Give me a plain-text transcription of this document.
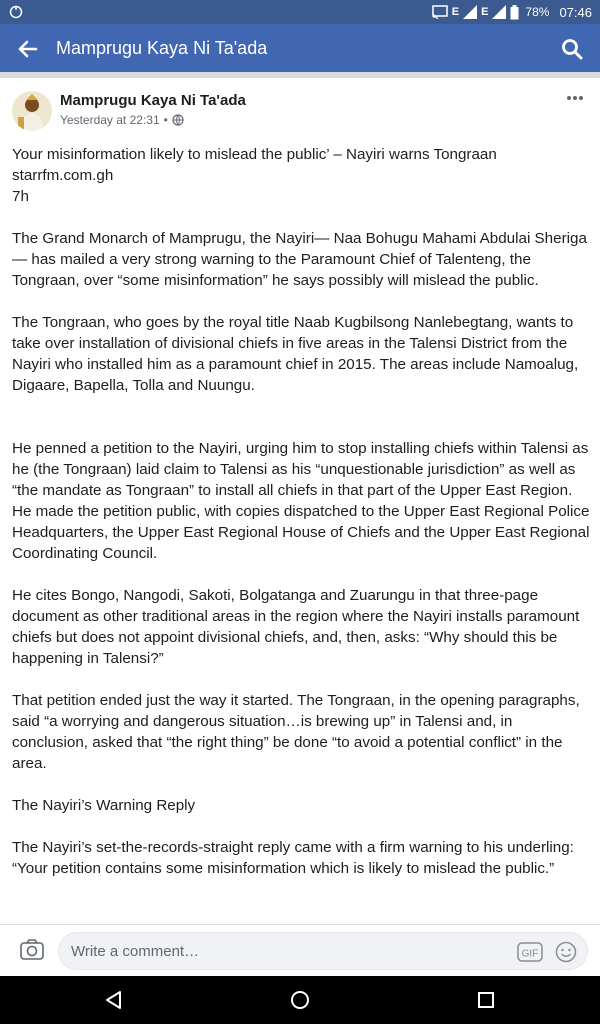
E E	78% 07:46
Mamprugu Kaya Ni Ta'ada
Mamprugu Kaya Ni Ta'ada
Yesterday at 22:31 •

Your misinformation likely to mislead the public’ – Nayiri warns Tongraan

starrfm.com.gh

7h

The Grand Monarch of Mamprugu, the Nayiri— Naa Bohugu Mahami Abdulai Sheriga— has mailed a very strong warning to the Paramount Chief of Talenteng, the Tongraan, over “some misinformation” he says possibly will mislead the public.

The Tongraan, who goes by the royal title Naab Kugbilsong Nanlebegtang, wants to take over installation of divisional chiefs in five areas in the Talensi District from the Nayiri who installed him as a paramount chief in 2015. The areas include Namoalug, Digaare, Bapella, Tolla and Nuungu.

He penned a petition to the Nayiri, urging him to stop installing chiefs within Talensi as he (the Tongraan) laid claim to Talensi as his “unquestionable jurisdiction” as well as “the mandate as Tongraan” to install all chiefs in that part of the Upper East Region. He made the petition public, with copies dispatched to the Upper East Regional Police Headquarters, the Upper East Regional House of Chiefs and the Upper East Regional Coordinating Council.

He cites Bongo, Nangodi, Sakoti, Bolgatanga and Zuarungu in that three-page document as other traditional areas in the region where the Nayiri installs paramount chiefs but does not appoint divisional chiefs, and, then, asks: “Why should this be happening in Talensi?”

That petition ended just the way it started. The Tongraan, in the opening paragraphs, said “a worrying and dangerous situation…is brewing up” in Talensi and, in conclusion, asked that “the right thing” be done “to avoid a potential conflict” in the area.

The Nayiri’s Warning Reply

The Nayiri’s set-the-records-straight reply came with a firm warning to his underling: “Your petition contains some misinformation which is likely to mislead the public.”

Write a comment…	GIF
